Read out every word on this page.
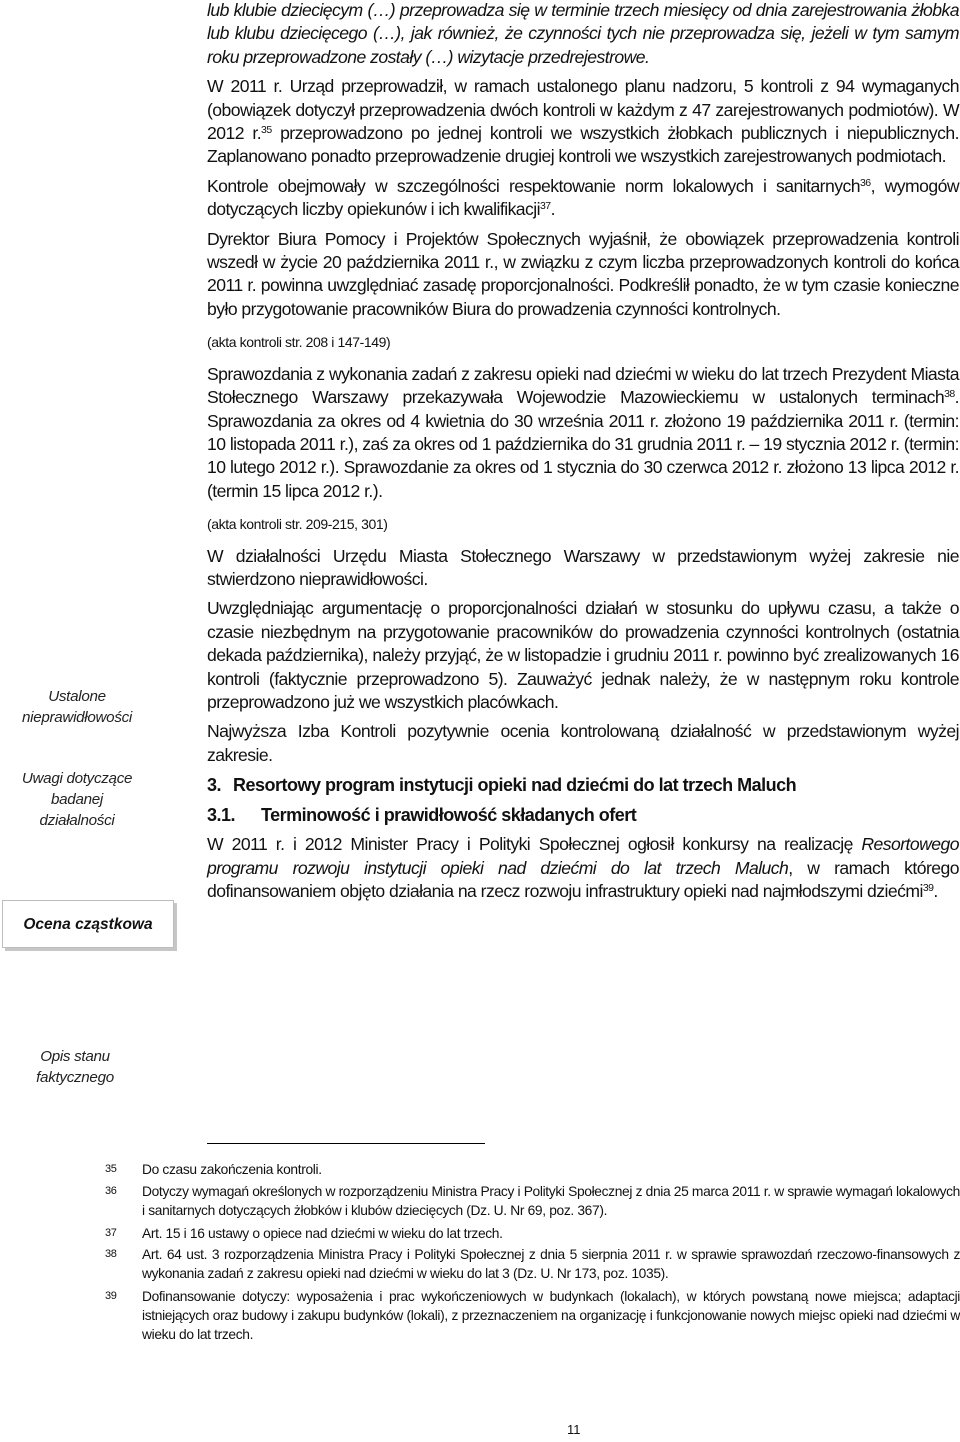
lub klubie dziecięcym (…) przeprowadza się w terminie trzech miesięcy od dnia zarejestrowania żłobka lub klubu dziecięcego (…), jak również, że czynności tych nie przeprowadza się, jeżeli w tym samym roku przeprowadzone zostały (…) wizytacje przedrejestrowe.

W 2011 r. Urząd przeprowadził, w ramach ustalonego planu nadzoru, 5 kontroli z 94 wymaganych (obowiązek dotyczył przeprowadzenia dwóch kontroli w każdym z 47 zarejestrowanych podmiotów). W 2012 r.$^{35}$ przeprowadzono po jednej kontroli we wszystkich żłobkach publicznych i niepublicznych. Zaplanowano ponadto przeprowadzenie drugiej kontroli we wszystkich zarejestrowanych podmiotach.

Kontrole obejmowały w szczególności respektowanie norm lokalowych i sanitarnych$^{36}$, wymogów dotyczących liczby opiekunów i ich kwalifikacji$^{37}$.

Dyrektor Biura Pomocy i Projektów Społecznych wyjaśnił, że obowiązek przeprowadzenia kontroli wszedł w życie 20 października 2011 r., w związku z czym liczba przeprowadzonych kontroli do końca 2011 r. powinna uwzględniać zasadę proporcjonalności. Podkreślił ponadto, że w tym czasie konieczne było przygotowanie pracowników Biura do prowadzenia czynności kontrolnych.

(akta kontroli str. 208 i 147-149)

Sprawozdania z wykonania zadań z zakresu opieki nad dziećmi w wieku do lat trzech Prezydent Miasta Stołecznego Warszawy przekazywała Wojewodzie Mazowieckiemu w ustalonych terminach$^{38}$. Sprawozdania za okres od 4 kwietnia do 30 września 2011 r. złożono 19 października 2011 r. (termin: 10 listopada 2011 r.), zaś za okres od 1 października do 31 grudnia 2011 r. – 19 stycznia 2012 r. (termin: 10 lutego 2012 r.). Sprawozdanie za okres od 1 stycznia do 30 czerwca 2012 r. złożono 13 lipca 2012 r. (termin 15 lipca 2012 r.).

(akta kontroli str. 209-215, 301)

W działalności Urzędu Miasta Stołecznego Warszawy w przedstawionym wyżej zakresie nie stwierdzono nieprawidłowości.

Uwzględniając argumentację o proporcjonalności działań w stosunku do upływu czasu, a także o czasie niezbędnym na przygotowanie pracowników do prowadzenia czynności kontrolnych (ostatnia dekada października), należy przyjąć, że w listopadzie i grudniu 2011 r. powinno być zrealizowanych 16 kontroli (faktycznie przeprowadzono 5). Zauważyć jednak należy, że w następnym roku kontrole przeprowadzono już we wszystkich placówkach.

Najwyższa Izba Kontroli pozytywnie ocenia kontrolowaną działalność w przedstawionym wyżej zakresie.

3. Resortowy program instytucji opieki nad dziećmi do lat trzech Maluch
3.1. Terminowość i prawidłowość składanych ofert

W 2011 r. i 2012 Minister Pracy i Polityki Społecznej ogłosił konkursy na realizację Resortowego programu rozwoju instytucji opieki nad dziećmi do lat trzech Maluch, w ramach którego dofinansowaniem objęto działania na rzecz rozwoju infrastruktury opieki nad najmłodszymi dziećmi$^{39}$.

Ustalone nieprawidłowości
Uwagi dotyczące badanej działalności
Ocena cząstkowa
Opis stanu faktycznego
35 Do czasu zakończenia kontroli.
36 Dotyczy wymagań określonych w rozporządzeniu Ministra Pracy i Polityki Społecznej z dnia 25 marca 2011 r. w sprawie wymagań lokalowych i sanitarnych dotyczących żłobków i klubów dziecięcych (Dz. U. Nr 69, poz. 367).
37 Art. 15 i 16 ustawy o opiece nad dziećmi w wieku do lat trzech.
38 Art. 64 ust. 3 rozporządzenia Ministra Pracy i Polityki Społecznej z dnia 5 sierpnia 2011 r. w sprawie sprawozdań rzeczowo-finansowych z wykonania zadań z zakresu opieki nad dziećmi w wieku do lat 3 (Dz. U. Nr 173, poz. 1035).
39 Dofinansowanie dotyczy: wyposażenia i prac wykończeniowych w budynkach (lokalach), w których powstaną nowe miejsca; adaptacji istniejących oraz budowy i zakupu budynków (lokali), z przeznaczeniem na organizację i funkcjonowanie nowych miejsc opieki nad dziećmi w wieku do lat trzech.
11
